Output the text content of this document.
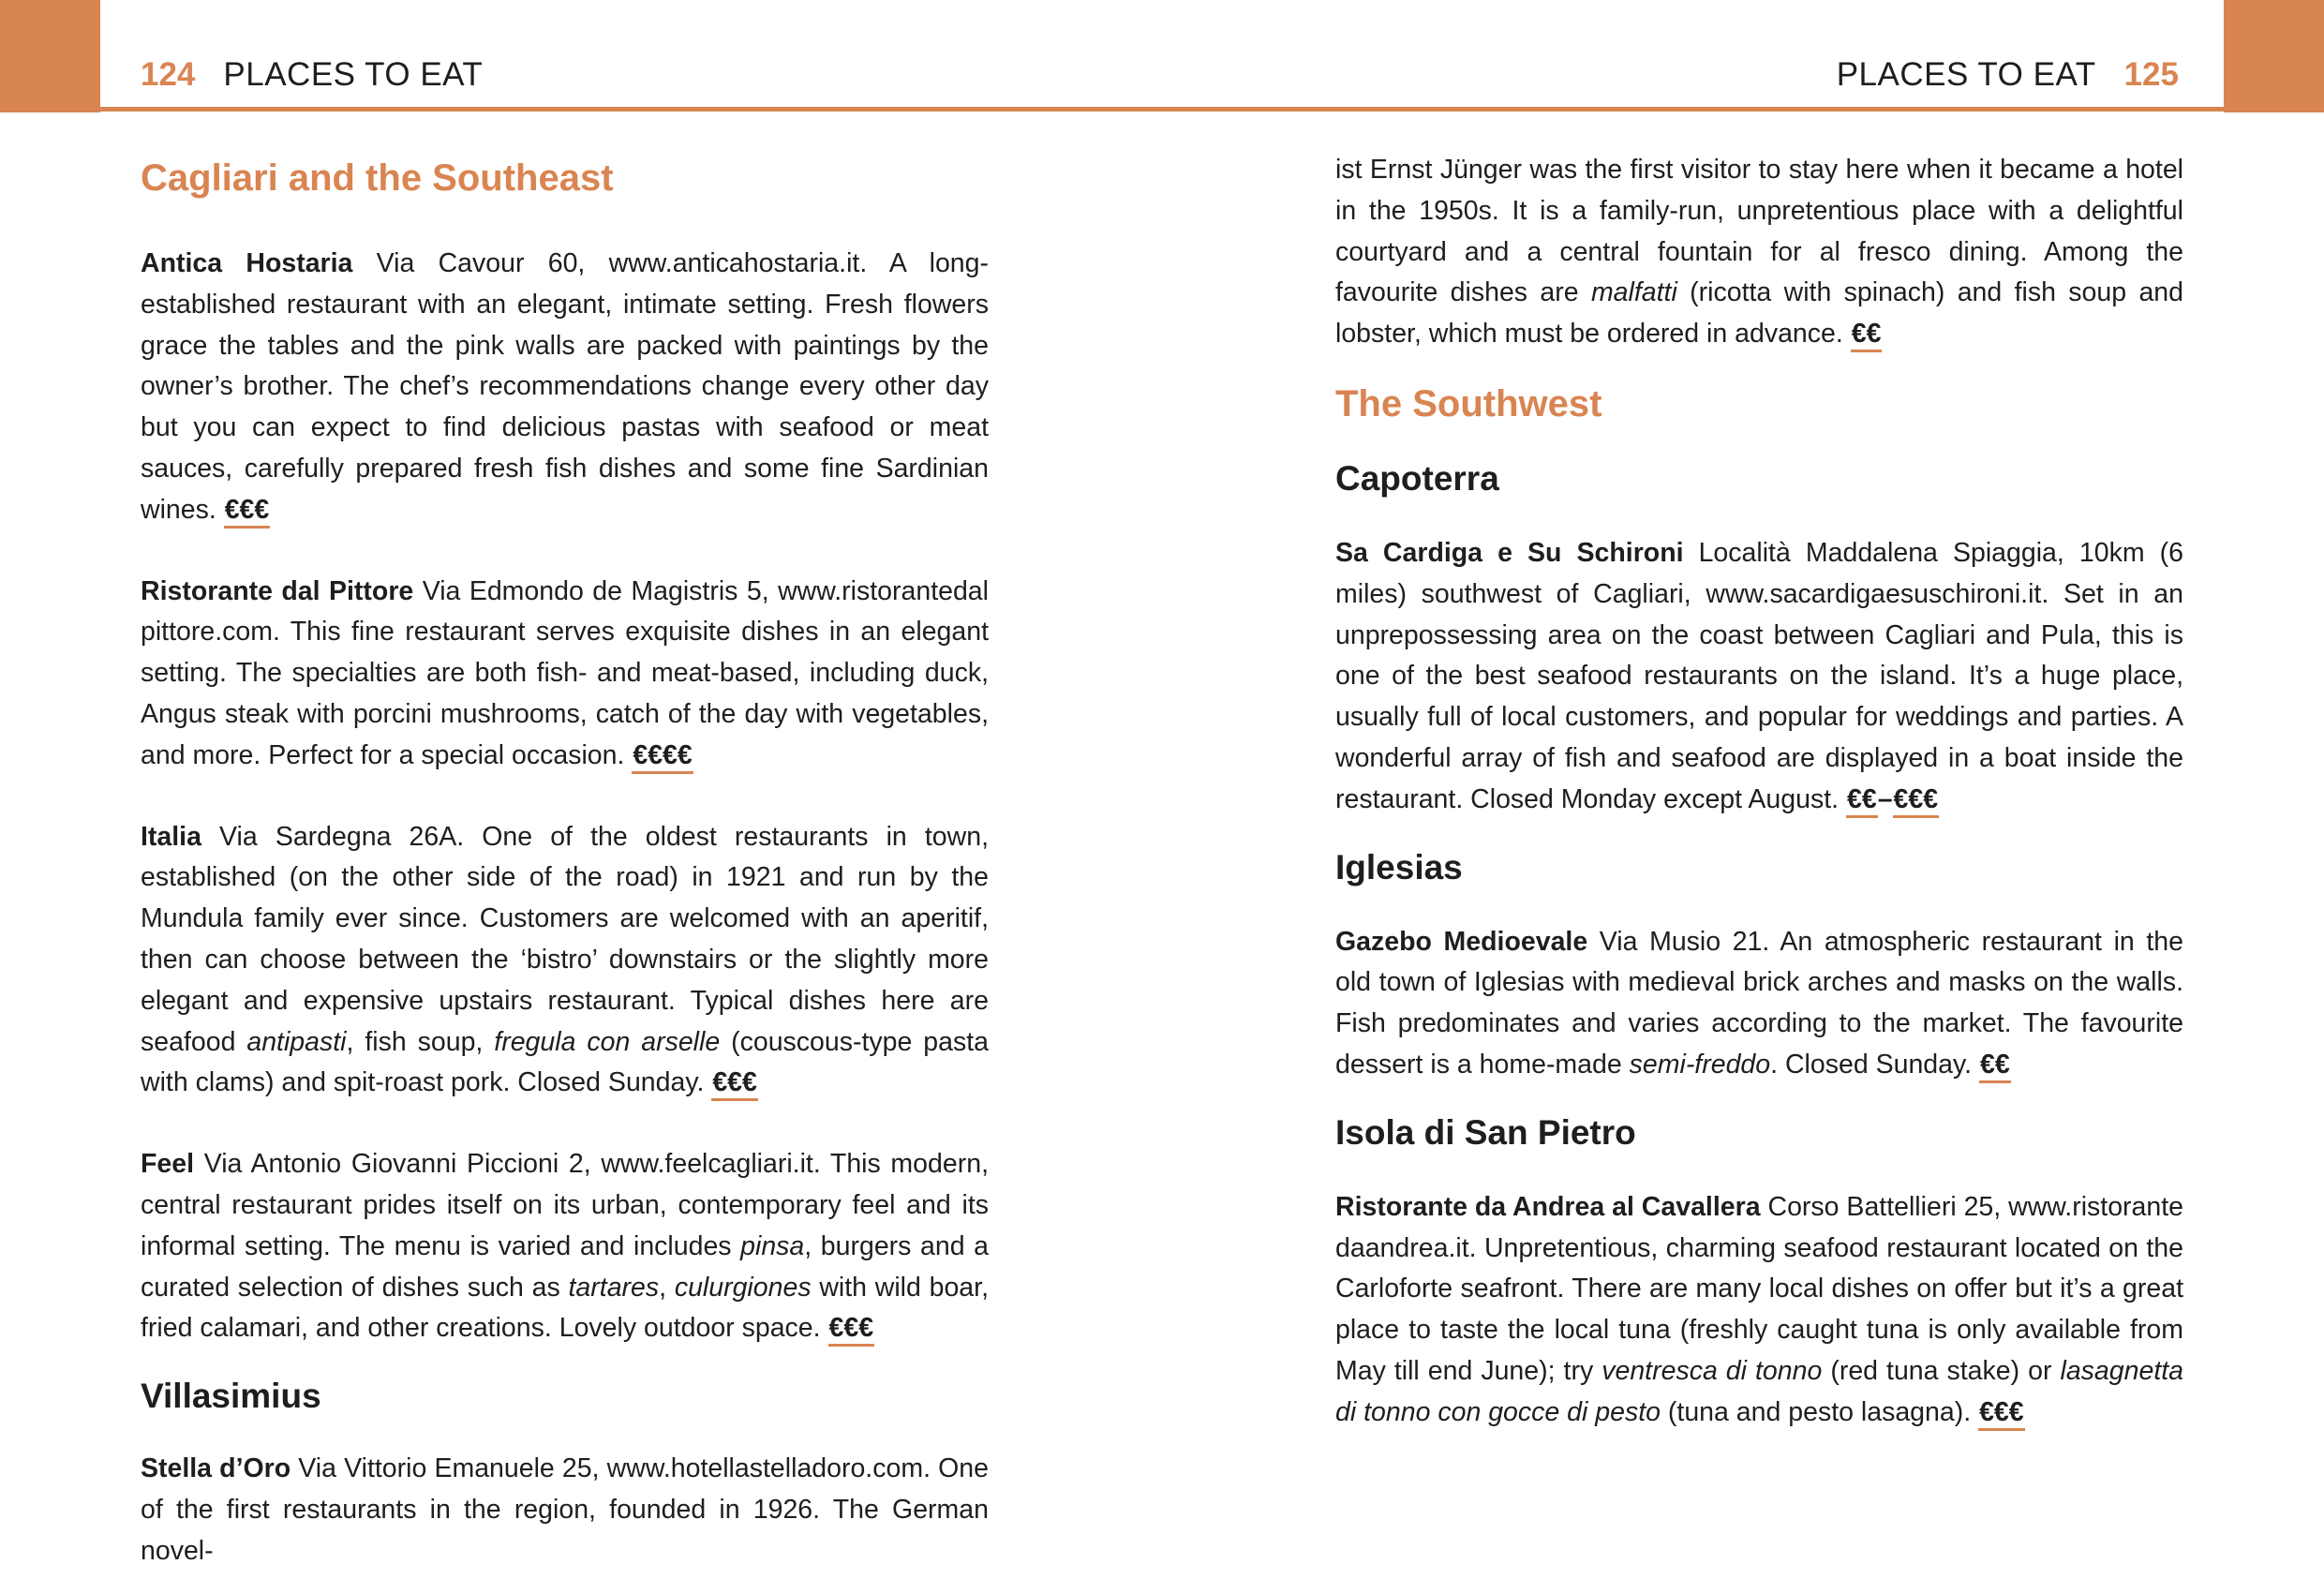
124 PLACES TO EAT	PLACES TO EAT 125
Cagliari and the Southeast

Antica Hostaria Via Cavour 60, www.anticahostaria.it. A long-established restaurant with an elegant, intimate setting. Fresh flowers grace the tables and the pink walls are packed with paintings by the owner’s brother. The chef’s recommendations change every other day but you can expect to find delicious pastas with seafood or meat sauces, carefully prepared fresh fish dishes and some fine Sardinian wines. €€€

Ristorante dal Pittore Via Edmondo de Magistris 5, www.ristorantedal pittore.com. This fine restaurant serves exquisite dishes in an elegant setting. The specialties are both fish- and meat-based, including duck, Angus steak with porcini mushrooms, catch of the day with vegetables, and more. Perfect for a special occasion. €€€€

Italia Via Sardegna 26A. One of the oldest restaurants in town, established (on the other side of the road) in 1921 and run by the Mundula family ever since. Customers are welcomed with an aperitif, then can choose between the ‘bistro’ downstairs or the slightly more elegant and expensive upstairs restaurant. Typical dishes here are seafood antipasti, fish soup, fregula con arselle (couscous-type pasta with clams) and spit-roast pork. Closed Sunday. €€€

Feel Via Antonio Giovanni Piccioni 2, www.feelcagliari.it. This modern, central restaurant prides itself on its urban, contemporary feel and its informal setting. The menu is varied and includes pinsa, burgers and a curated selection of dishes such as tartares, culurgiones with wild boar, fried calamari, and other creations. Lovely outdoor space. €€€

Villasimius

Stella d’Oro Via Vittorio Emanuele 25, www.hotellastelladoro.com. One of the first restaurants in the region, founded in 1926. The German novel-

ist Ernst Jünger was the first visitor to stay here when it became a hotel in the 1950s. It is a family-run, unpretentious place with a delightful courtyard and a central fountain for al fresco dining. Among the favourite dishes are malfatti (ricotta with spinach) and fish soup and lobster, which must be ordered in advance. €€

The Southwest
Capoterra

Sa Cardiga e Su Schironi Località Maddalena Spiaggia, 10km (6 miles) southwest of Cagliari, www.sacardigaesuschironi.it. Set in an unprepossessing area on the coast between Cagliari and Pula, this is one of the best seafood restaurants on the island. It’s a huge place, usually full of local customers, and popular for weddings and parties. A wonderful array of fish and seafood are displayed in a boat inside the restaurant. Closed Monday except August. €€–€€€

Iglesias

Gazebo Medioevale Via Musio 21. An atmospheric restaurant in the old town of Iglesias with medieval brick arches and masks on the walls. Fish predominates and varies according to the market. The favourite dessert is a home-made semi-freddo. Closed Sunday. €€

Isola di San Pietro

Ristorante da Andrea al Cavallera Corso Battellieri 25, www.ristorante daandrea.it. Unpretentious, charming seafood restaurant located on the Carloforte seafront. There are many local dishes on offer but it’s a great place to taste the local tuna (freshly caught tuna is only available from May till end June); try ventresca di tonno (red tuna stake) or lasagnetta di tonno con gocce di pesto (tuna and pesto lasagna). €€€
